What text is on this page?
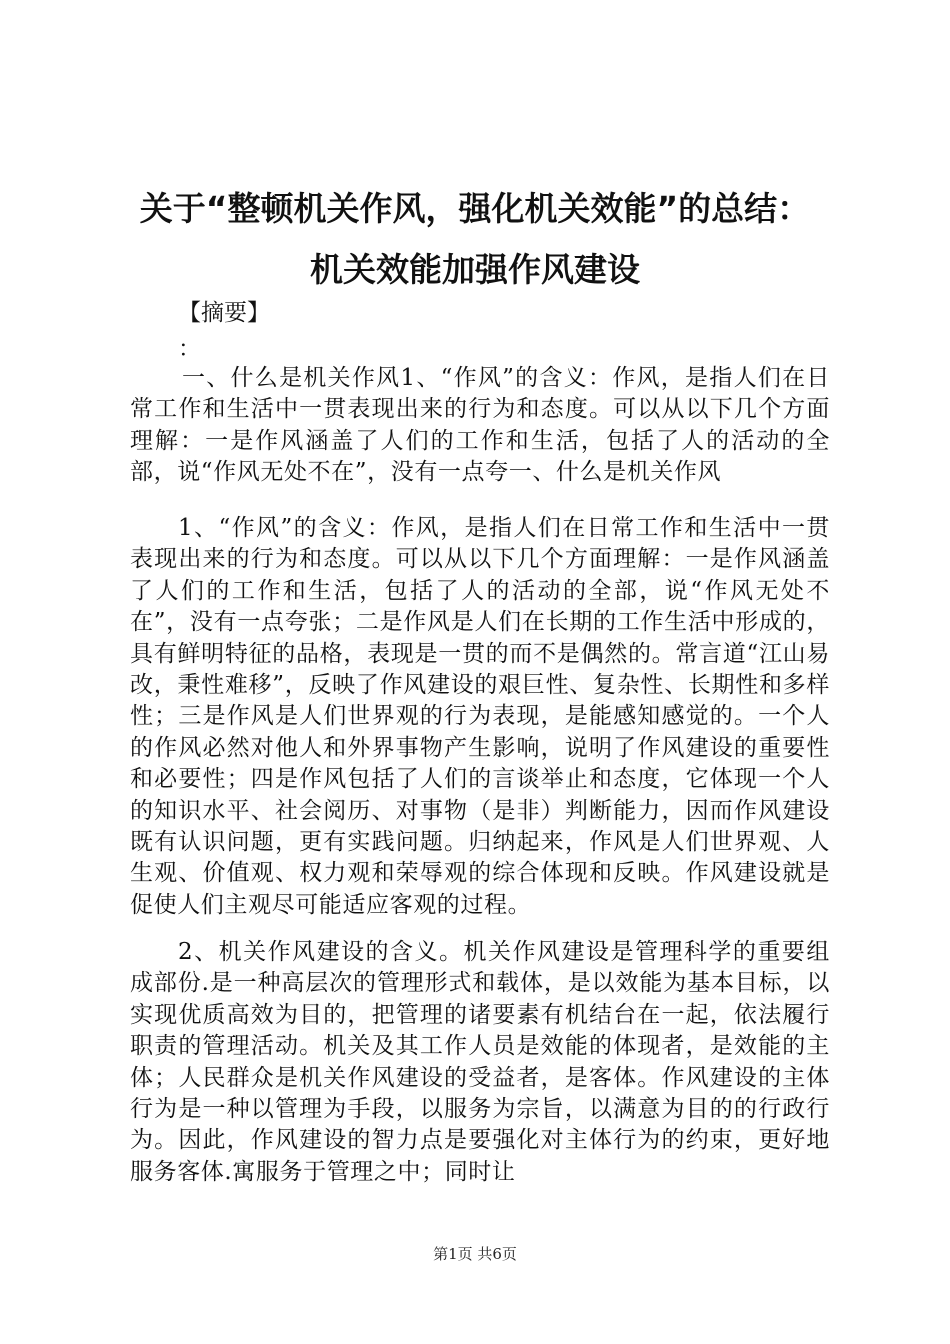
关于“整顿机关作风，强化机关效能”的总结：
机关效能加强作风建设
【摘要】
：

一、什么是机关作风1、“作风”的含义：作风，是指人们在日常工作和生活中一贯表现出来的行为和态度。可以从以下几个方面理解：一是作风涵盖了人们的工作和生活，包括了人的活动的全部，说“作风无处不在”，没有一点夸一、什么是机关作风

1、“作风”的含义：作风，是指人们在日常工作和生活中一贯表现出来的行为和态度。可以从以下几个方面理解：一是作风涵盖了人们的工作和生活，包括了人的活动的全部，说“作风无处不在”，没有一点夸张；二是作风是人们在长期的工作生活中形成的，具有鲜明特征的品格，表现是一贯的而不是偶然的。常言道“江山易改，秉性难移”，反映了作风建设的艰巨性、复杂性、长期性和多样性；三是作风是人们世界观的行为表现，是能感知感觉的。一个人的作风必然对他人和外界事物产生影响，说明了作风建设的重要性和必要性；四是作风包括了人们的言谈举止和态度，它体现一个人的知识水平、社会阅历、对事物（是非）判断能力，因而作风建设既有认识问题，更有实践问题。归纳起来，作风是人们世界观、人生观、价值观、权力观和荣辱观的综合体现和反映。作风建设就是促使人们主观尽可能适应客观的过程。

2、机关作风建设的含义。机关作风建设是管理科学的重要组成部份.是一种高层次的管理形式和载体，是以效能为基本目标，以实现优质高效为目的，把管理的诸要素有机结台在一起，依法履行职责的管理活动。机关及其工作人员是效能的体现者，是效能的主体；人民群众是机关作风建设的受益者，是客体。作风建设的主体行为是一种以管理为手段，以服务为宗旨，以满意为目的的行政行为。因此，作风建设的智力点是要强化对主体行为的约束，更好地服务客体.寓服务于管理之中；同时让

第1页 共6页
